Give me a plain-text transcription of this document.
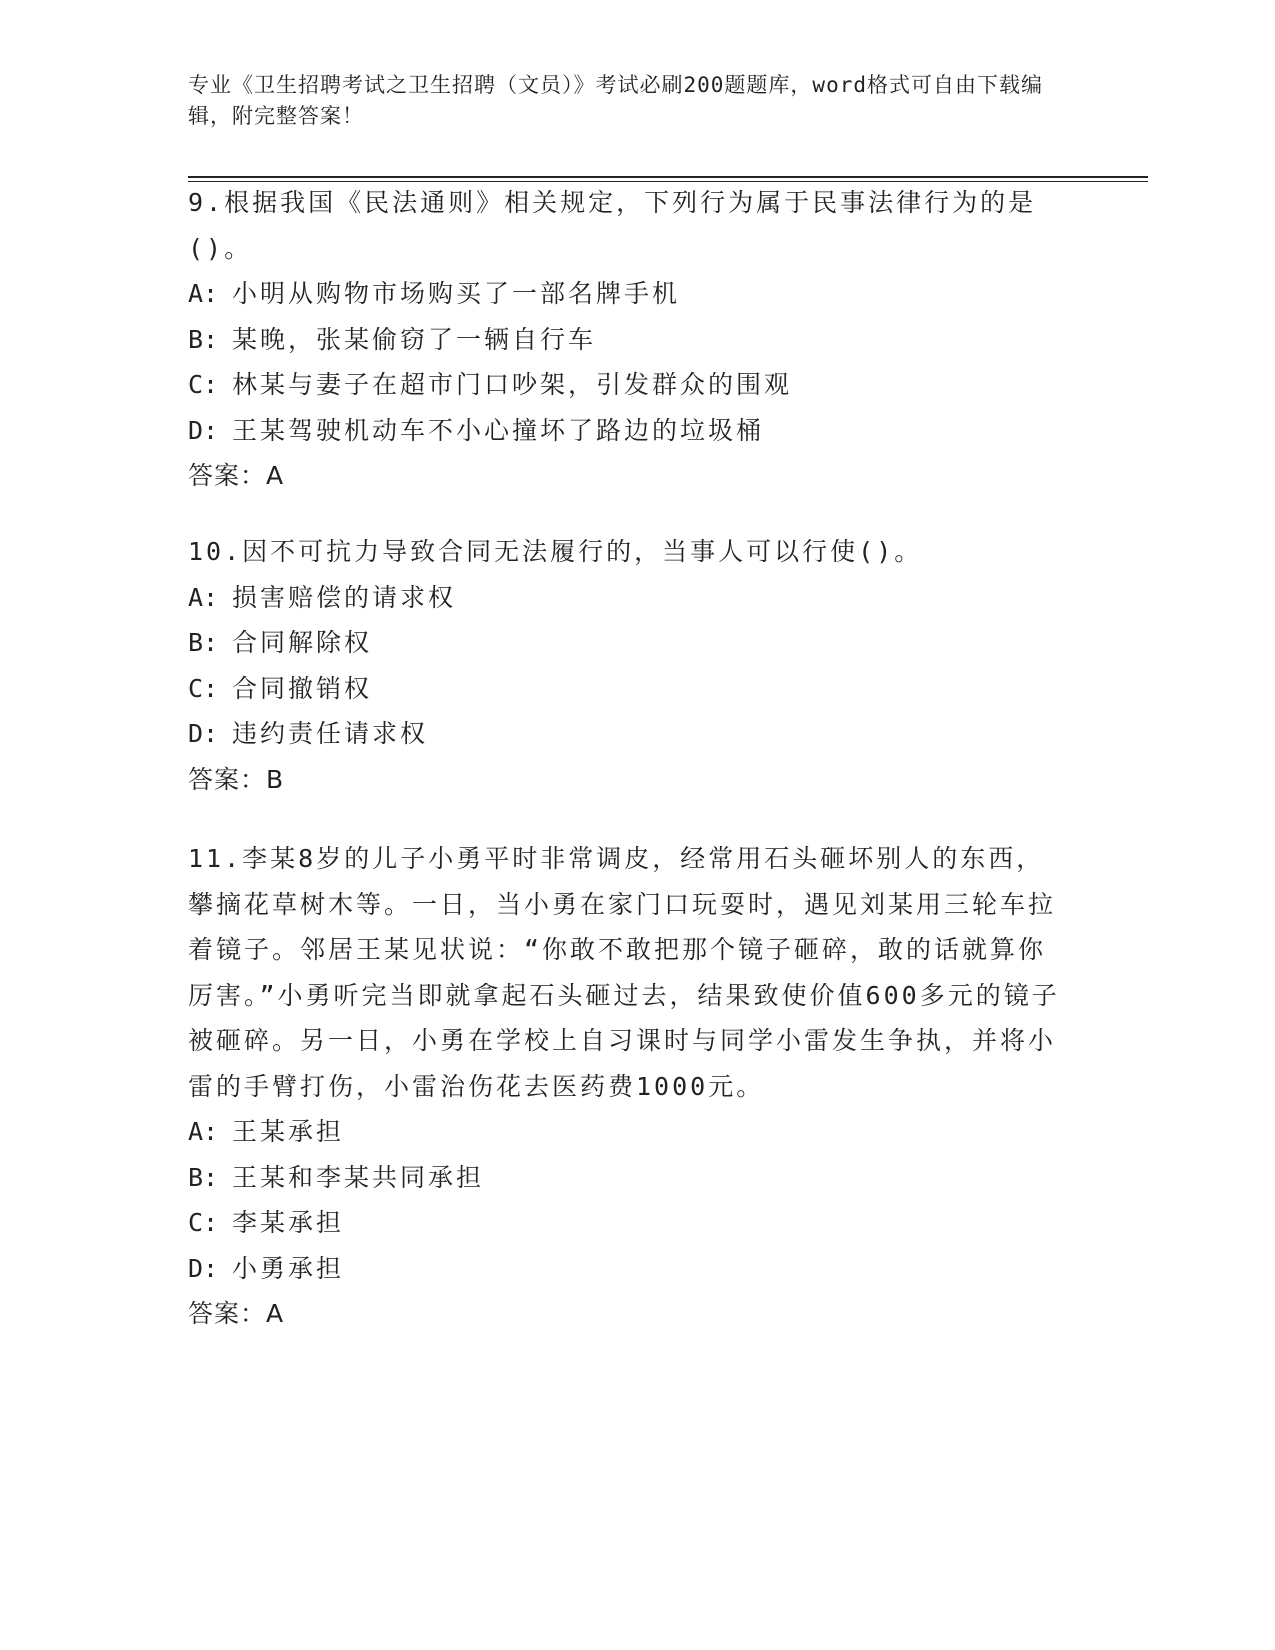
专业《卫生招聘考试之卫生招聘（文员）》考试必刷200题题库，word格式可自由下载编辑，附完整答案！

9.根据我国《民法通则》相关规定，下列行为属于民事法律行为的是()。

A: 小明从购物市场购买了一部名牌手机

B: 某晚，张某偷窃了一辆自行车

C: 林某与妻子在超市门口吵架，引发群众的围观

D: 王某驾驶机动车不小心撞坏了路边的垃圾桶

答案：A

10.因不可抗力导致合同无法履行的，当事人可以行使()。

A: 损害赔偿的请求权

B: 合同解除权

C: 合同撤销权

D: 违约责任请求权

答案：B

11.李某8岁的儿子小勇平时非常调皮，经常用石头砸坏别人的东西，攀摘花草树木等。一日，当小勇在家门口玩耍时，遇见刘某用三轮车拉着镜子。邻居王某见状说：“你敢不敢把那个镜子砸碎，敢的话就算你厉害。”小勇听完当即就拿起石头砸过去，结果致使价值600多元的镜子被砸碎。另一日，小勇在学校上自习课时与同学小雷发生争执，并将小雷的手臂打伤，小雷治伤花去医药费1000元。

A: 王某承担

B: 王某和李某共同承担

C: 李某承担

D: 小勇承担

答案：A
